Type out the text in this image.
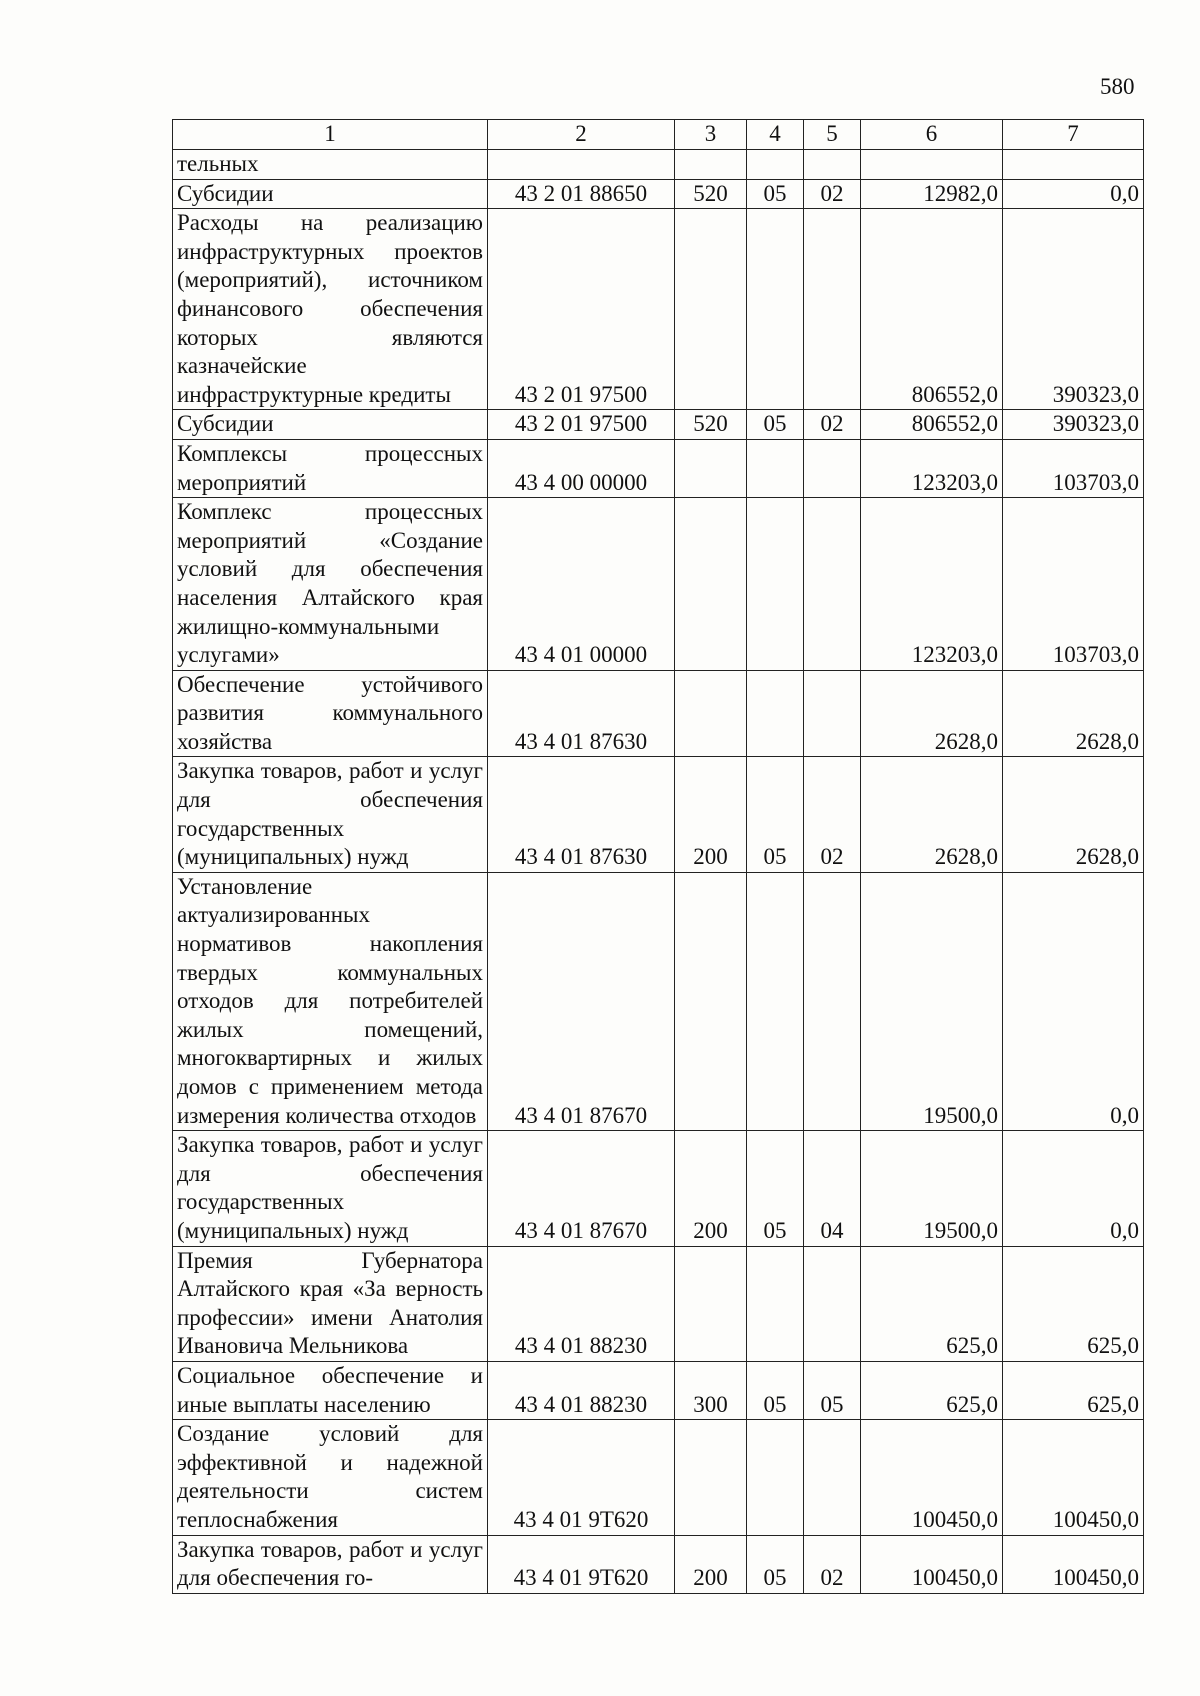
580
1	2	3	4	5	6	7
тельных						
Субсидии	43 2 01 88650	520	05	02	12982,0	0,0
Расходы на реализацию инфраструктурных проектов (мероприятий), источником финансового обеспечения которых являются казначейские инфраструктурные кредиты	43 2 01 97500				806552,0	390323,0
Субсидии	43 2 01 97500	520	05	02	806552,0	390323,0
Комплексы процессных мероприятий	43 4 00 00000				123203,0	103703,0
Комплекс процессных мероприятий «Создание условий для обеспечения населения Алтайского края жилищно-коммунальными услугами»	43 4 01 00000				123203,0	103703,0
Обеспечение устойчивого развития коммунального хозяйства	43 4 01 87630				2628,0	2628,0
Закупка товаров, работ и услуг для обеспечения государственных (муниципальных) нужд	43 4 01 87630	200	05	02	2628,0	2628,0
Установление актуализированных нормативов накопления твердых коммунальных отходов для потребителей жилых помещений, многоквартирных и жилых домов с применением метода измерения количества отходов	43 4 01 87670				19500,0	0,0
Закупка товаров, работ и услуг для обеспечения государственных (муниципальных) нужд	43 4 01 87670	200	05	04	19500,0	0,0
Премия Губернатора Алтайского края «За верность профессии» имени Анатолия Ивановича Мельникова	43 4 01 88230				625,0	625,0
Социальное обеспечение и иные выплаты населению	43 4 01 88230	300	05	05	625,0	625,0
Создание условий для эффективной и надежной деятельности систем теплоснабжения	43 4 01 9Т620				100450,0	100450,0
Закупка товаров, работ и услуг для обеспечения го-	43 4 01 9Т620	200	05	02	100450,0	100450,0
